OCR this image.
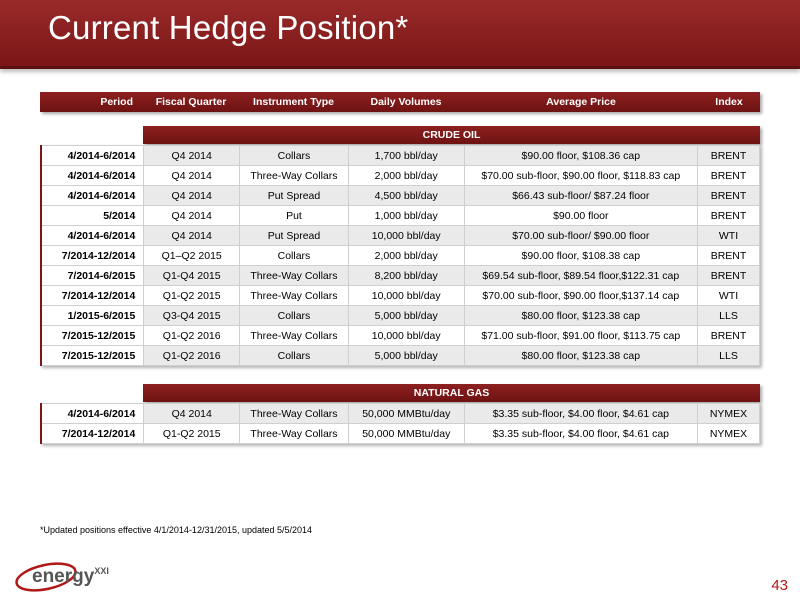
Current Hedge Position*
Period	Fiscal Quarter	Instrument Type	Daily Volumes	Average Price	Index
CRUDE OIL
4/2014-6/2014	Q4 2014	Collars	1,700 bbl/day	$90.00 floor, $108.36 cap	BRENT
4/2014-6/2014	Q4 2014	Three-Way Collars	2,000 bbl/day	$70.00 sub-floor, $90.00 floor, $118.83 cap	BRENT
4/2014-6/2014	Q4 2014	Put Spread	4,500 bbl/day	$66.43 sub-floor/ $87.24 floor	BRENT
5/2014	Q4 2014	Put	1,000 bbl/day	$90.00 floor	BRENT
4/2014-6/2014	Q4 2014	Put Spread	10,000 bbl/day	$70.00 sub-floor/ $90.00 floor	WTI
7/2014-12/2014	Q1–Q2 2015	Collars	2,000 bbl/day	$90.00 floor, $108.38 cap	BRENT
7/2014-6/2015	Q1-Q4 2015	Three-Way Collars	8,200 bbl/day	$69.54 sub-floor, $89.54 floor,$122.31 cap	BRENT
7/2014-12/2014	Q1-Q2 2015	Three-Way Collars	10,000 bbl/day	$70.00 sub-floor, $90.00 floor,$137.14 cap	WTI
1/2015-6/2015	Q3-Q4 2015	Collars	5,000 bbl/day	$80.00 floor, $123.38 cap	LLS
7/2015-12/2015	Q1-Q2 2016	Three-Way Collars	10,000 bbl/day	$71.00 sub-floor, $91.00 floor, $113.75 cap	BRENT
7/2015-12/2015	Q1-Q2 2016	Collars	5,000 bbl/day	$80.00 floor, $123.38 cap	LLS
NATURAL GAS
4/2014-6/2014	Q4 2014	Three-Way Collars	50,000 MMBtu/day	$3.35 sub-floor, $4.00 floor, $4.61 cap	NYMEX
7/2014-12/2014	Q1-Q2 2015	Three-Way Collars	50,000 MMBtu/day	$3.35 sub-floor, $4.00 floor, $4.61 cap	NYMEX
*Updated positions effective 4/1/2014-12/31/2015, updated 5/5/2014
energy$^{XXI}$
43
